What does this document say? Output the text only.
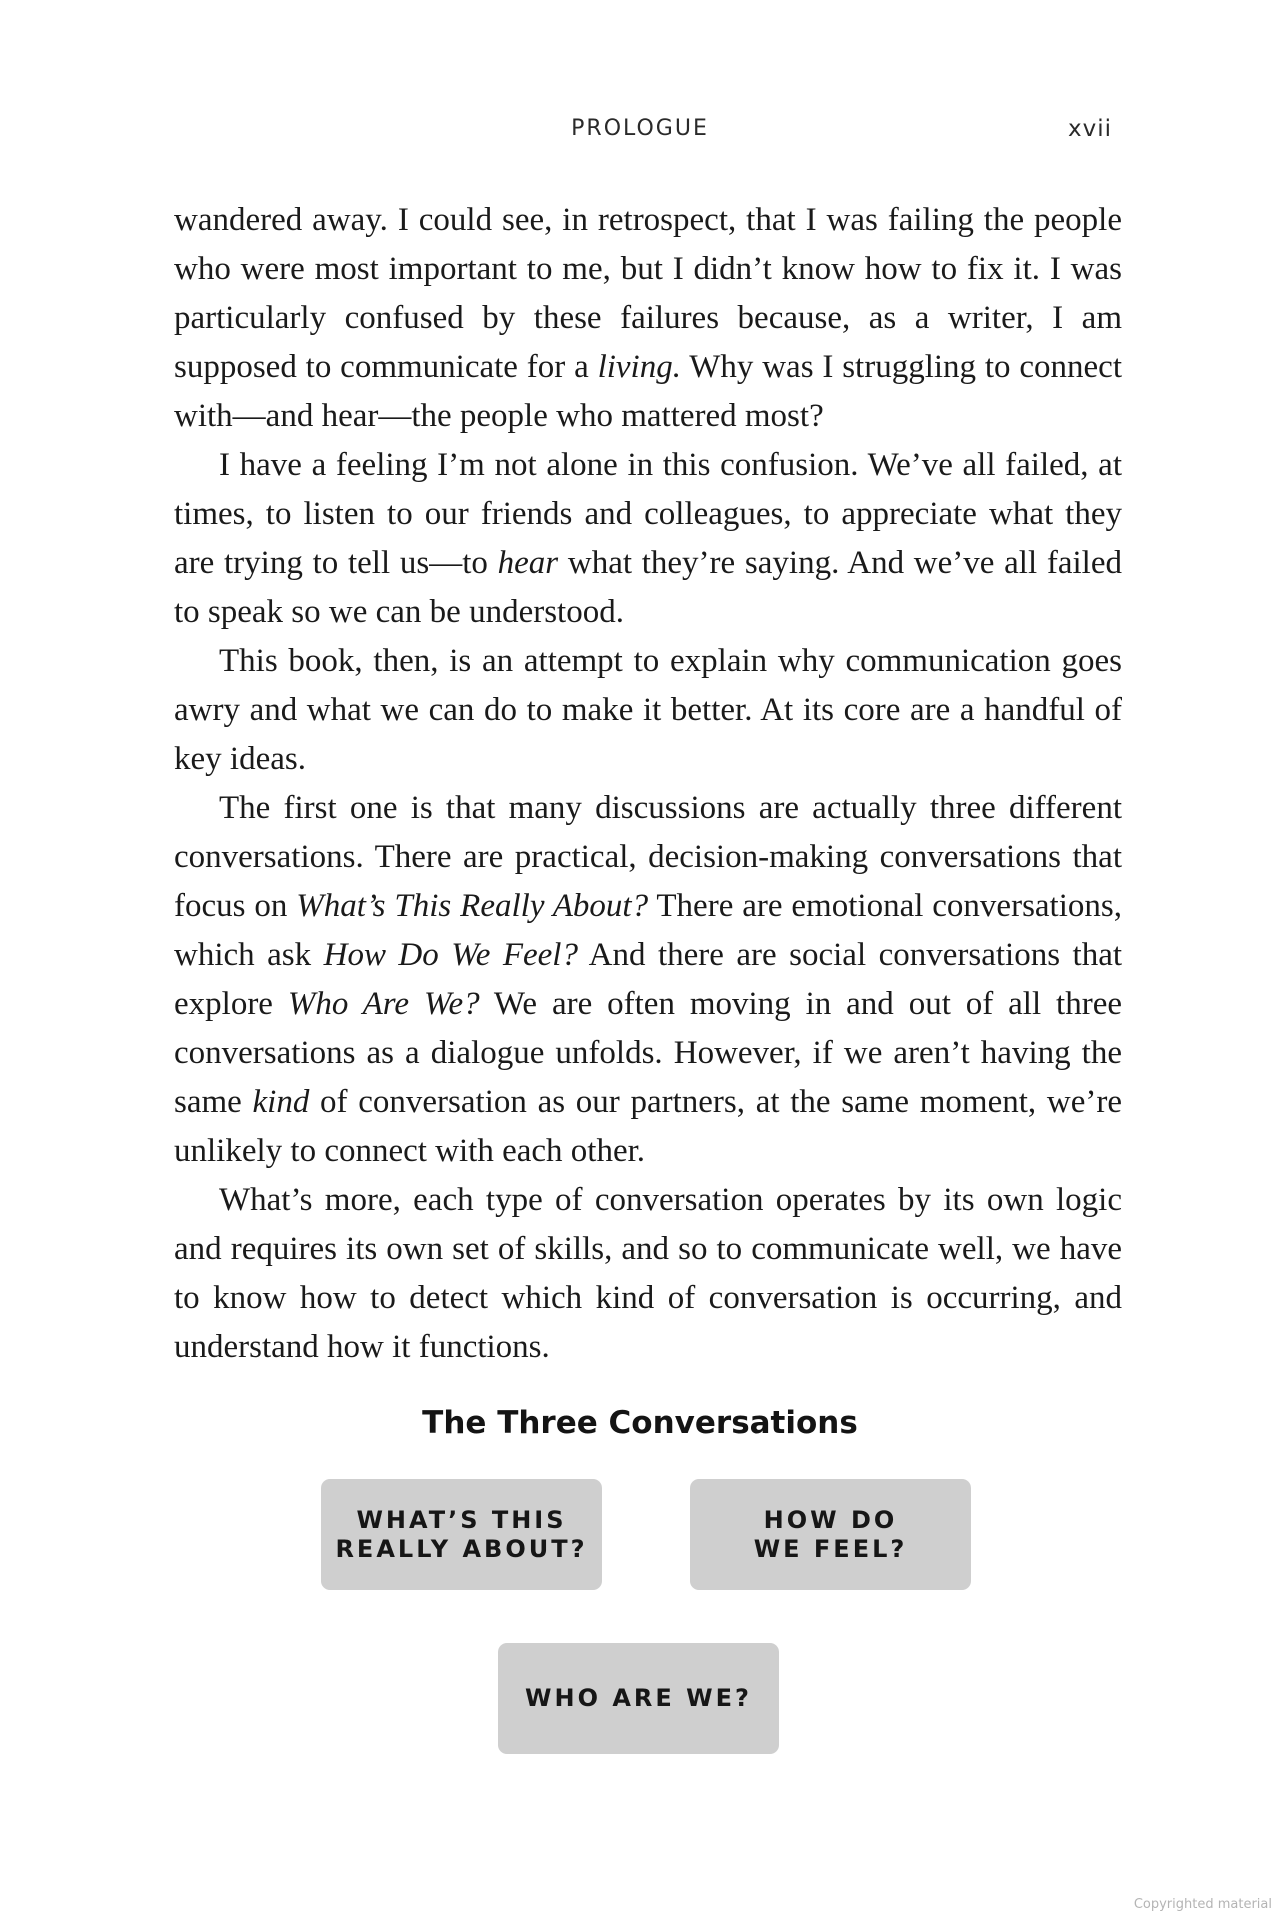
PROLOGUE	xvii

wandered away. I could see, in retrospect, that I was failing the people who were most important to me, but I didn’t know how to fix it. I was particularly confused by these failures because, as a writer, I am supposed to communicate for a living. Why was I struggling to connect with—and hear—the people who mattered most?

I have a feeling I’m not alone in this confusion. We’ve all failed, at times, to listen to our friends and colleagues, to appreciate what they are trying to tell us—to hear what they’re saying. And we’ve all failed to speak so we can be understood.

This book, then, is an attempt to explain why communication goes awry and what we can do to make it better. At its core are a handful of key ideas.

The first one is that many discussions are actually three different conversations. There are practical, decision-making conversations that focus on What’s This Really About? There are emotional conversations, which ask How Do We Feel? And there are social conversations that explore Who Are We? We are often moving in and out of all three conversations as a dialogue unfolds. However, if we aren’t having the same kind of conversation as our partners, at the same moment, we’re unlikely to connect with each other.

What’s more, each type of conversation operates by its own logic and requires its own set of skills, and so to communicate well, we have to know how to detect which kind of conversation is occurring, and understand how it functions.

The Three Conversations
WHAT’S THIS
REALLY ABOUT?
HOW DO
WE FEEL?
WHO ARE WE?
Copyrighted material
